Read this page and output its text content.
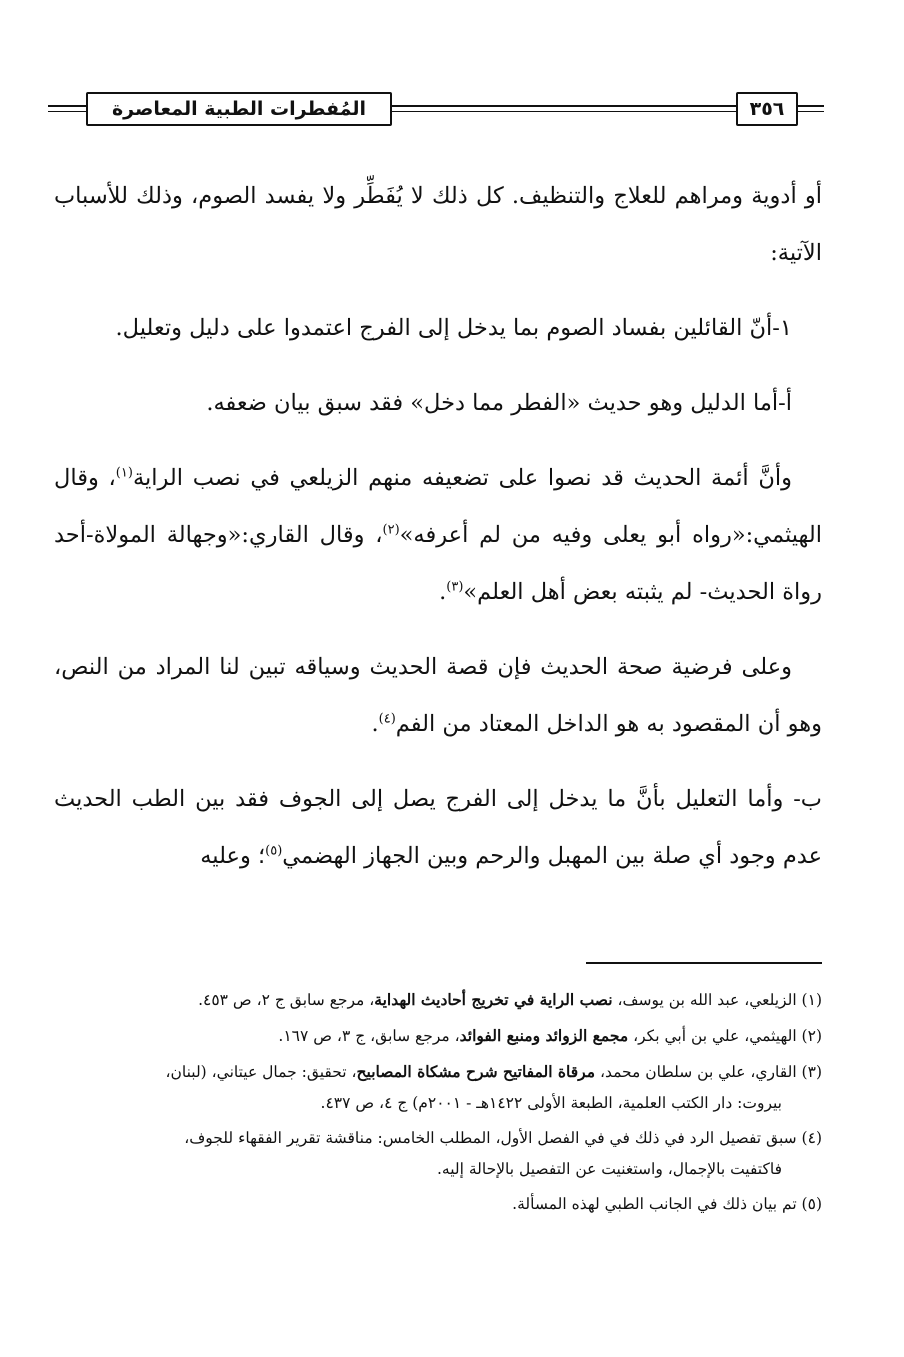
المُفطرات الطبية المعاصرة	٣٥٦

أو أدوية ومراهم للعلاج والتنظيف. كل ذلك لا يُفَطِّر ولا يفسد الصوم، وذلك للأسباب الآتية:

١-أنّ القائلين بفساد الصوم بما يدخل إلى الفرج اعتمدوا على دليل وتعليل.

أ-أما الدليل وهو حديث «الفطر مما دخل» فقد سبق بيان ضعفه.

وأنَّ أئمة الحديث قد نصوا على تضعيفه منهم الزيلعي في نصب الراية$^{(١)}$، وقال الهيثمي:«رواه أبو يعلى وفيه من لم أعرفه»$^{(٢)}$، وقال القاري:«وجهالة المولاة-أحد رواة الحديث- لم يثبته بعض أهل العلم»$^{(٣)}$.

وعلى فرضية صحة الحديث فإن قصة الحديث وسياقه تبين لنا المراد من النص، وهو أن المقصود به هو الداخل المعتاد من الفم$^{(٤)}$.

ب- وأما التعليل بأنَّ ما يدخل إلى الفرج يصل إلى الجوف فقد بين الطب الحديث عدم وجود أي صلة بين المهبل والرحم وبين الجهاز الهضمي$^{(٥)}$؛ وعليه

(١) الزيلعي، عبد الله بن يوسف، نصب الراية في تخريج أحاديث الهداية، مرجع سابق ج ٢، ص ٤٥٣.

(٢) الهيثمي، علي بن أبي بكر، مجمع الزوائد ومنبع الفوائد، مرجع سابق، ج ٣، ص ١٦٧.

(٣) القاري، علي بن سلطان محمد، مرقاة المفاتيح شرح مشكاة المصابيح، تحقيق: جمال عيتاني، (لبنان،

بيروت: دار الكتب العلمية، الطبعة الأولى ١٤٢٢هـ - ٢٠٠١م) ج ٤، ص ٤٣٧.

(٤) سبق تفصيل الرد في ذلك في في الفصل الأول، المطلب الخامس: مناقشة تقرير الفقهاء للجوف،

فاكتفيت بالإجمال، واستغنيت عن التفصيل بالإحالة إليه.

(٥) تم بيان ذلك في الجانب الطبي لهذه المسألة.
